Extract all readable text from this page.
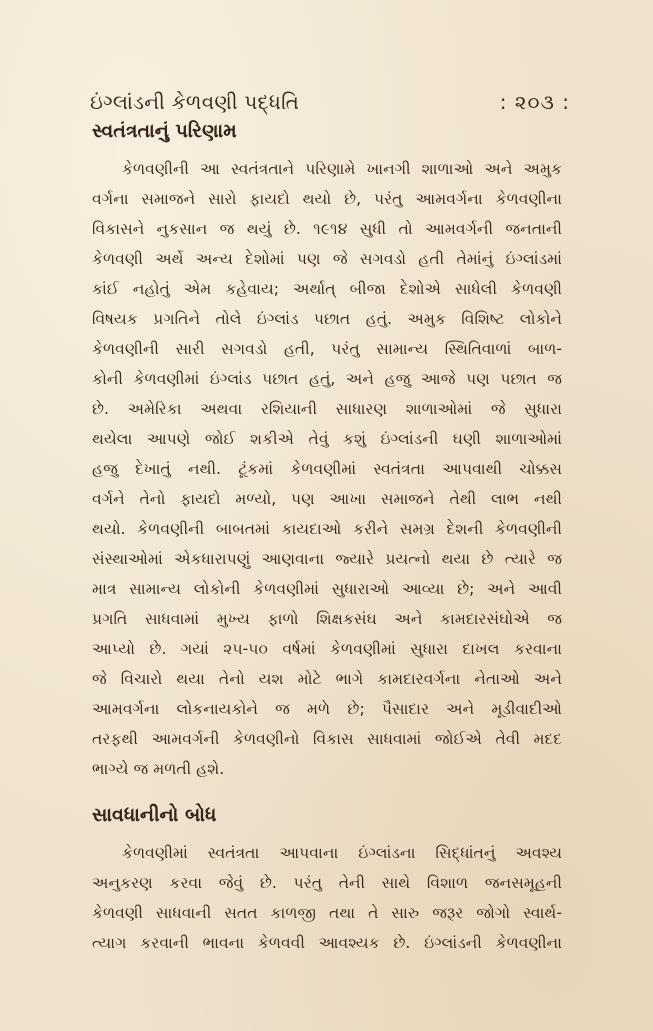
ઇંગ્લાંડની કેળવણી પદ્ધતિ	: ૨૦૩ :
સ્વતંત્રતાનું પરિણામ
કેળવણીની આ સ્વતંત્રતાને પરિણામે ખાનગી શાળાઓ અને અમુક
વર્ગના સમાજને સારો ફાયદો થયો છે, પરંતુ આમવર્ગના કેળવણીના
વિકાસને નુકસાન જ થયું છે. ૧૯૧૪ સુધી તો આમવર્ગની જનતાની
કેળવણી અર્થે અન્ય દેશોમાં પણ જે સગવડો હતી તેમાંનું ઇંગ્લાંડમાં
કાંઈ નહોતું એમ કહેવાય; અર્થાત્ બીજા દેશોએ સાધેલી કેળવણી
વિષયક પ્રગતિને તોલે ઇંગ્લાંડ પછાત હતું. અમુક વિશિષ્ટ લોકોને
કેળવણીની સારી સગવડો હતી, પરંતુ સામાન્ય સ્થિતિવાળાં બાળ-
કોની કેળવણીમાં ઇંગ્લાંડ પછાત હતું, અને હજુ આજે પણ પછાત જ
છે. અમેરિકા અથવા રશિયાની સાધારણ શાળાઓમાં જે સુધારા
થયેલા આપણે જોઈ શકીએ તેવું કશું ઇંગ્લાંડની ઘણી શાળાઓમાં
હજુ દેખાતું નથી. ટૂંકમાં કેળવણીમાં સ્વતંત્રતા આપવાથી ચોક્કસ
વર્ગને તેનો ફાયદો મળ્યો, પણ આખા સમાજને તેથી લાભ નથી
થયો. કેળવણીની બાબતમાં કાયદાઓ કરીને સમગ્ર દેશની કેળવણીની
સંસ્થાઓમાં એકધારાપણું આણવાના જ્યારે પ્રયત્નો થયા છે ત્યારે જ
માત્ર સામાન્ય લોકોની કેળવણીમાં સુધારાઓ આવ્યા છે; અને આવી
પ્રગતિ સાધવામાં મુખ્ય ફાળો શિક્ષકસંઘ અને કામદારસંઘોએ જ
આપ્યો છે. ગયાં ૨૫-૫૦ વર્ષમાં કેળવણીમાં સુધારા દાખલ કરવાના
જે વિચારો થયા તેનો યશ મોટે ભાગે કામદારવર્ગના નેતાઓ અને
આમવર્ગના લોકનાયકોને જ મળે છે; પૈસાદાર અને મૂડીવાદીઓ
તરફથી આમવર્ગની કેળવણીનો વિકાસ સાધવામાં જોઈએ તેવી મદદ
ભાગ્યે જ મળતી હશે.
સાવધાનીનો બોધ
કેળવણીમાં સ્વતંત્રતા આપવાના ઇંગ્લાંડના સિદ્ધાંતનું અવશ્ય
અનુકરણ કરવા જેવું છે. પરંતુ તેની સાથે વિશાળ જનસમૂહની
કેળવણી સાધવાની સતત કાળજી તથા તે સારુ જરૂર જોગો સ્વાર્થ-
ત્યાગ કરવાની ભાવના કેળવવી આવશ્યક છે. ઇંગ્લાંડની કેળવણીના
